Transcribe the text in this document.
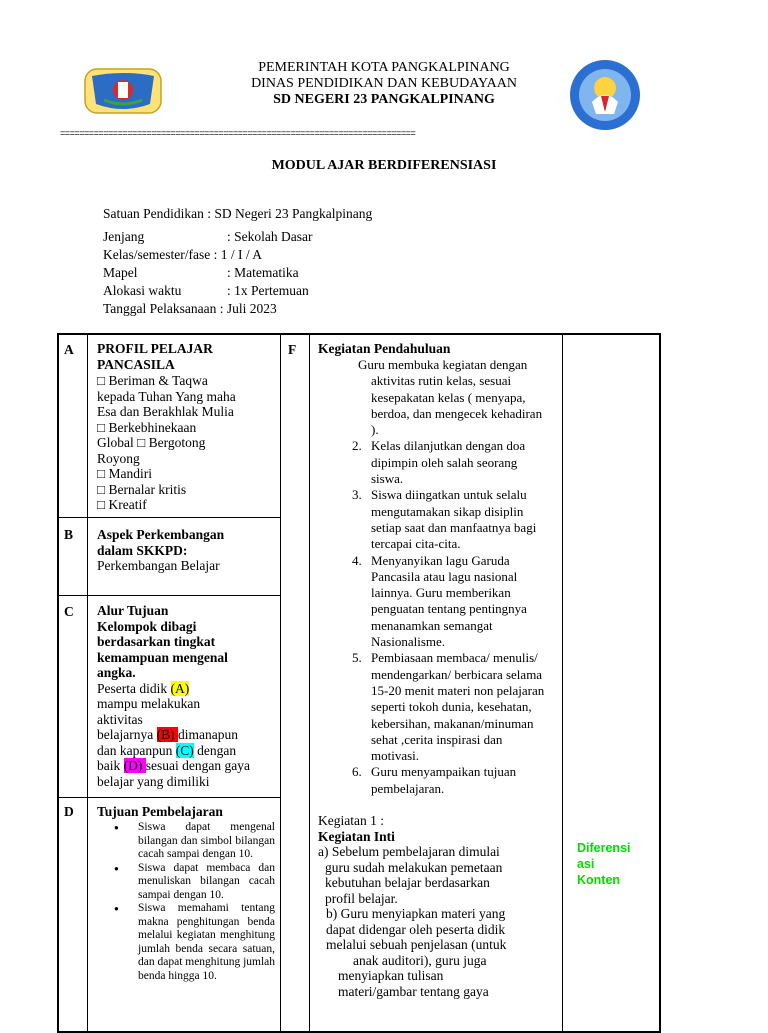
PEMERINTAH KOTA PANGKALPINANG
DINAS PENDIDIKAN DAN KEBUDAYAAN
SD NEGERI 23 PANGKALPINANG
==========================================================================
MODUL AJAR BERDIFERENSIASI
Satuan Pendidikan : SD Negeri 23 Pangkalpinang
Jenjang	: Sekolah Dasar
Kelas/semester/fase : 1 / I / A
Mapel	: Matematika
Alokasi waktu	: 1x Pertemuan
Tanggal Pelaksanaan : Juli 2023
A PROFIL PELAJAR PANCASILA
□ Beriman & Taqwa
kepada Tuhan Yang maha
Esa dan Berakhlak Mulia
□ Berkebhinekaan
Global □ Bergotong
Royong
□ Mandiri
□ Bernalar kritis
□ Kreatif
B Aspek Perkembangan
dalam SKKPD:
Perkembangan Belajar
C Alur Tujuan
Kelompok dibagi
berdasarkan tingkat
kemampuan mengenal
angka.
Peserta didik (A)
mampu melakukan
aktivitas
belajarnya (B) dimanapun
dan kapanpun (C) dengan
baik (D) sesuai dengan gaya
belajar yang dimiliki
D Tujuan Pembelajaran
● Siswa dapat mengenal bilangan dan simbol bilangan cacah sampai dengan 10.
● Siswa dapat membaca dan menuliskan bilangan cacah sampai dengan 10.
● Siswa memahami tentang makna penghitungan benda melalui kegiatan menghitung jumlah benda secara satuan, dan dapat menghitung jumlah benda hingga 10.
F Kegiatan Pendahuluan
Guru membuka kegiatan dengan
aktivitas rutin kelas, sesuai
kesepakatan kelas ( menyapa,
berdoa, dan mengecek kehadiran
).
2. Kelas dilanjutkan dengan doa
dipimpin oleh salah seorang
siswa.
3. Siswa diingatkan untuk selalu
mengutamakan sikap disiplin
setiap saat dan manfaatnya bagi
tercapai cita-cita.
4. Menyanyikan lagu Garuda
Pancasila atau lagu nasional
lainnya. Guru memberikan
penguatan tentang pentingnya
menanamkan semangat
Nasionalisme.
5. Pembiasaan membaca/ menulis/
mendengarkan/ berbicara selama
15-20 menit materi non pelajaran
seperti tokoh dunia, kesehatan,
kebersihan, makanan/minuman
sehat ,cerita inspirasi dan
motivasi.
6. Guru menyampaikan tujuan
pembelajaran.
Kegiatan 1 :
Kegiatan Inti
a) Sebelum pembelajaran dimulai
guru sudah melakukan pemetaan
kebutuhan belajar berdasarkan
profil belajar.
b) Guru menyiapkan materi yang
dapat didengar oleh peserta didik
melalui sebuah penjelasan (untuk
anak auditori), guru juga
menyiapkan tulisan
materi/gambar tentang gaya
Diferensi
asi
Konten
